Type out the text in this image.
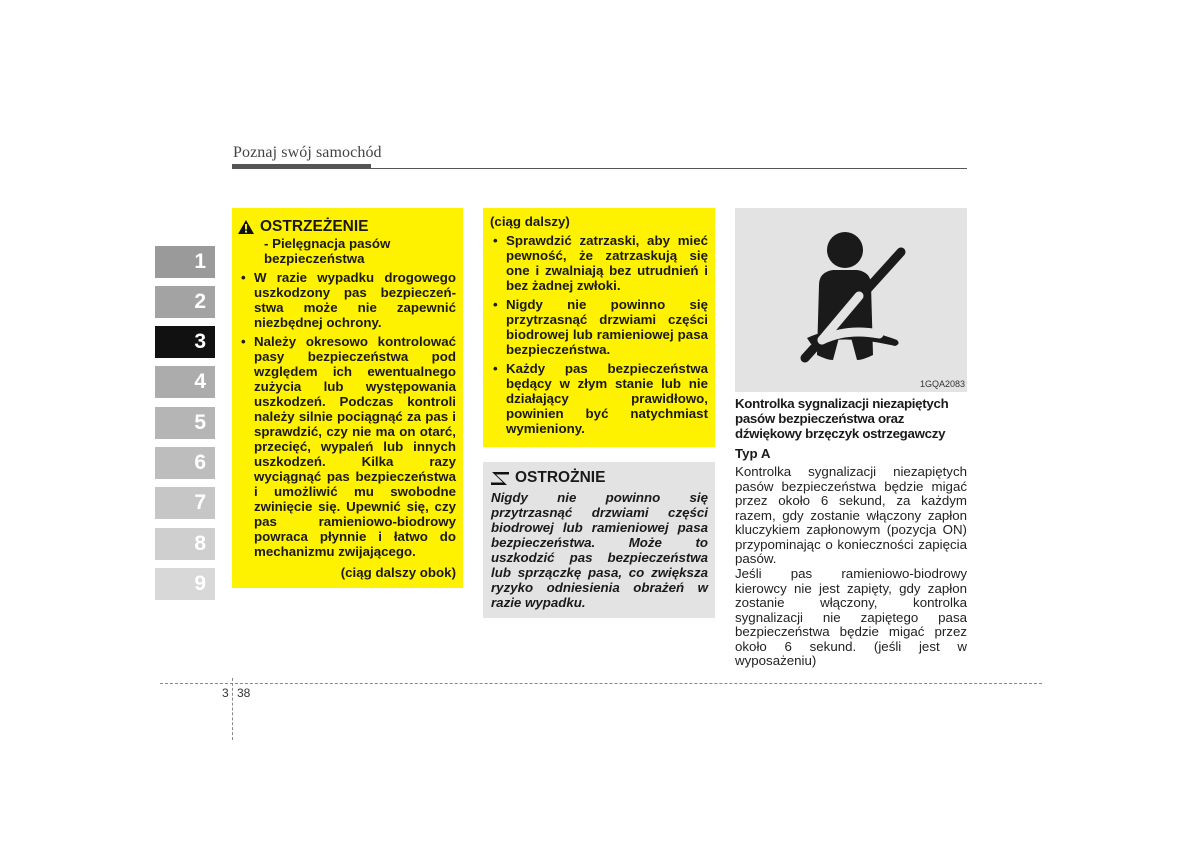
Poznaj swój samochód
1
2
3
4
5
6
7
8
9
OSTRZEŻENIE
- Pielęgnacja pasów bezpieczeństwa
• W razie wypadku drogowego uszkodzony pas bezpieczeń-stwa może nie zapewnić niezbędnej ochrony.
• Należy okresowo kontrolować pasy bezpieczeństwa pod względem ich ewentualnego zużycia lub występowania uszkodzeń. Podczas kontroli należy silnie pociągnąć za pas i sprawdzić, czy nie ma on otarć, przecięć, wypaleń lub innych uszkodzeń. Kilka razy wyciągnąć pas bezpieczeństwa i umożliwić mu swobodne zwinięcie się. Upewnić się, czy pas ramieniowo-biodrowy powraca płynnie i łatwo do mechanizmu zwijającego.
(ciąg dalszy obok)
(ciąg dalszy)
• Sprawdzić zatrzaski, aby mieć pewność, że zatrzaskują się one i zwalniają bez utrudnień i bez żadnej zwłoki.
• Nigdy nie powinno się przytrzasnąć drzwiami części biodrowej lub ramieniowej pasa bezpieczeństwa.
• Każdy pas bezpieczeństwa będący w złym stanie lub nie działający prawidłowo, powinien być natychmiast wymieniony.
OSTROŻNIE
Nigdy nie powinno się przytrzasnąć drzwiami części biodrowej lub ramieniowej pasa bezpieczeństwa. Może to uszkodzić pas bezpieczeństwa lub sprzączkę pasa, co zwiększa ryzyko odniesienia obrażeń w razie wypadku.
1GQA2083
Kontrolka sygnalizacji niezapiętych pasów bezpieczeństwa oraz dźwiękowy brzęczyk ostrzegawczy
Typ A
Kontrolka sygnalizacji niezapiętych pasów bezpieczeństwa będzie migać przez około 6 sekund, za każdym razem, gdy zostanie włączony zapłon kluczykiem zapłonowym (pozycja ON) przypominając o konieczności zapięcia pasów.
Jeśli pas ramieniowo-biodrowy kierowcy nie jest zapięty, gdy zapłon zostanie włączony, kontrolka sygnalizacji nie zapiętego pasa bezpieczeństwa będzie migać przez około 6 sekund. (jeśli jest w wyposażeniu)
3 38
